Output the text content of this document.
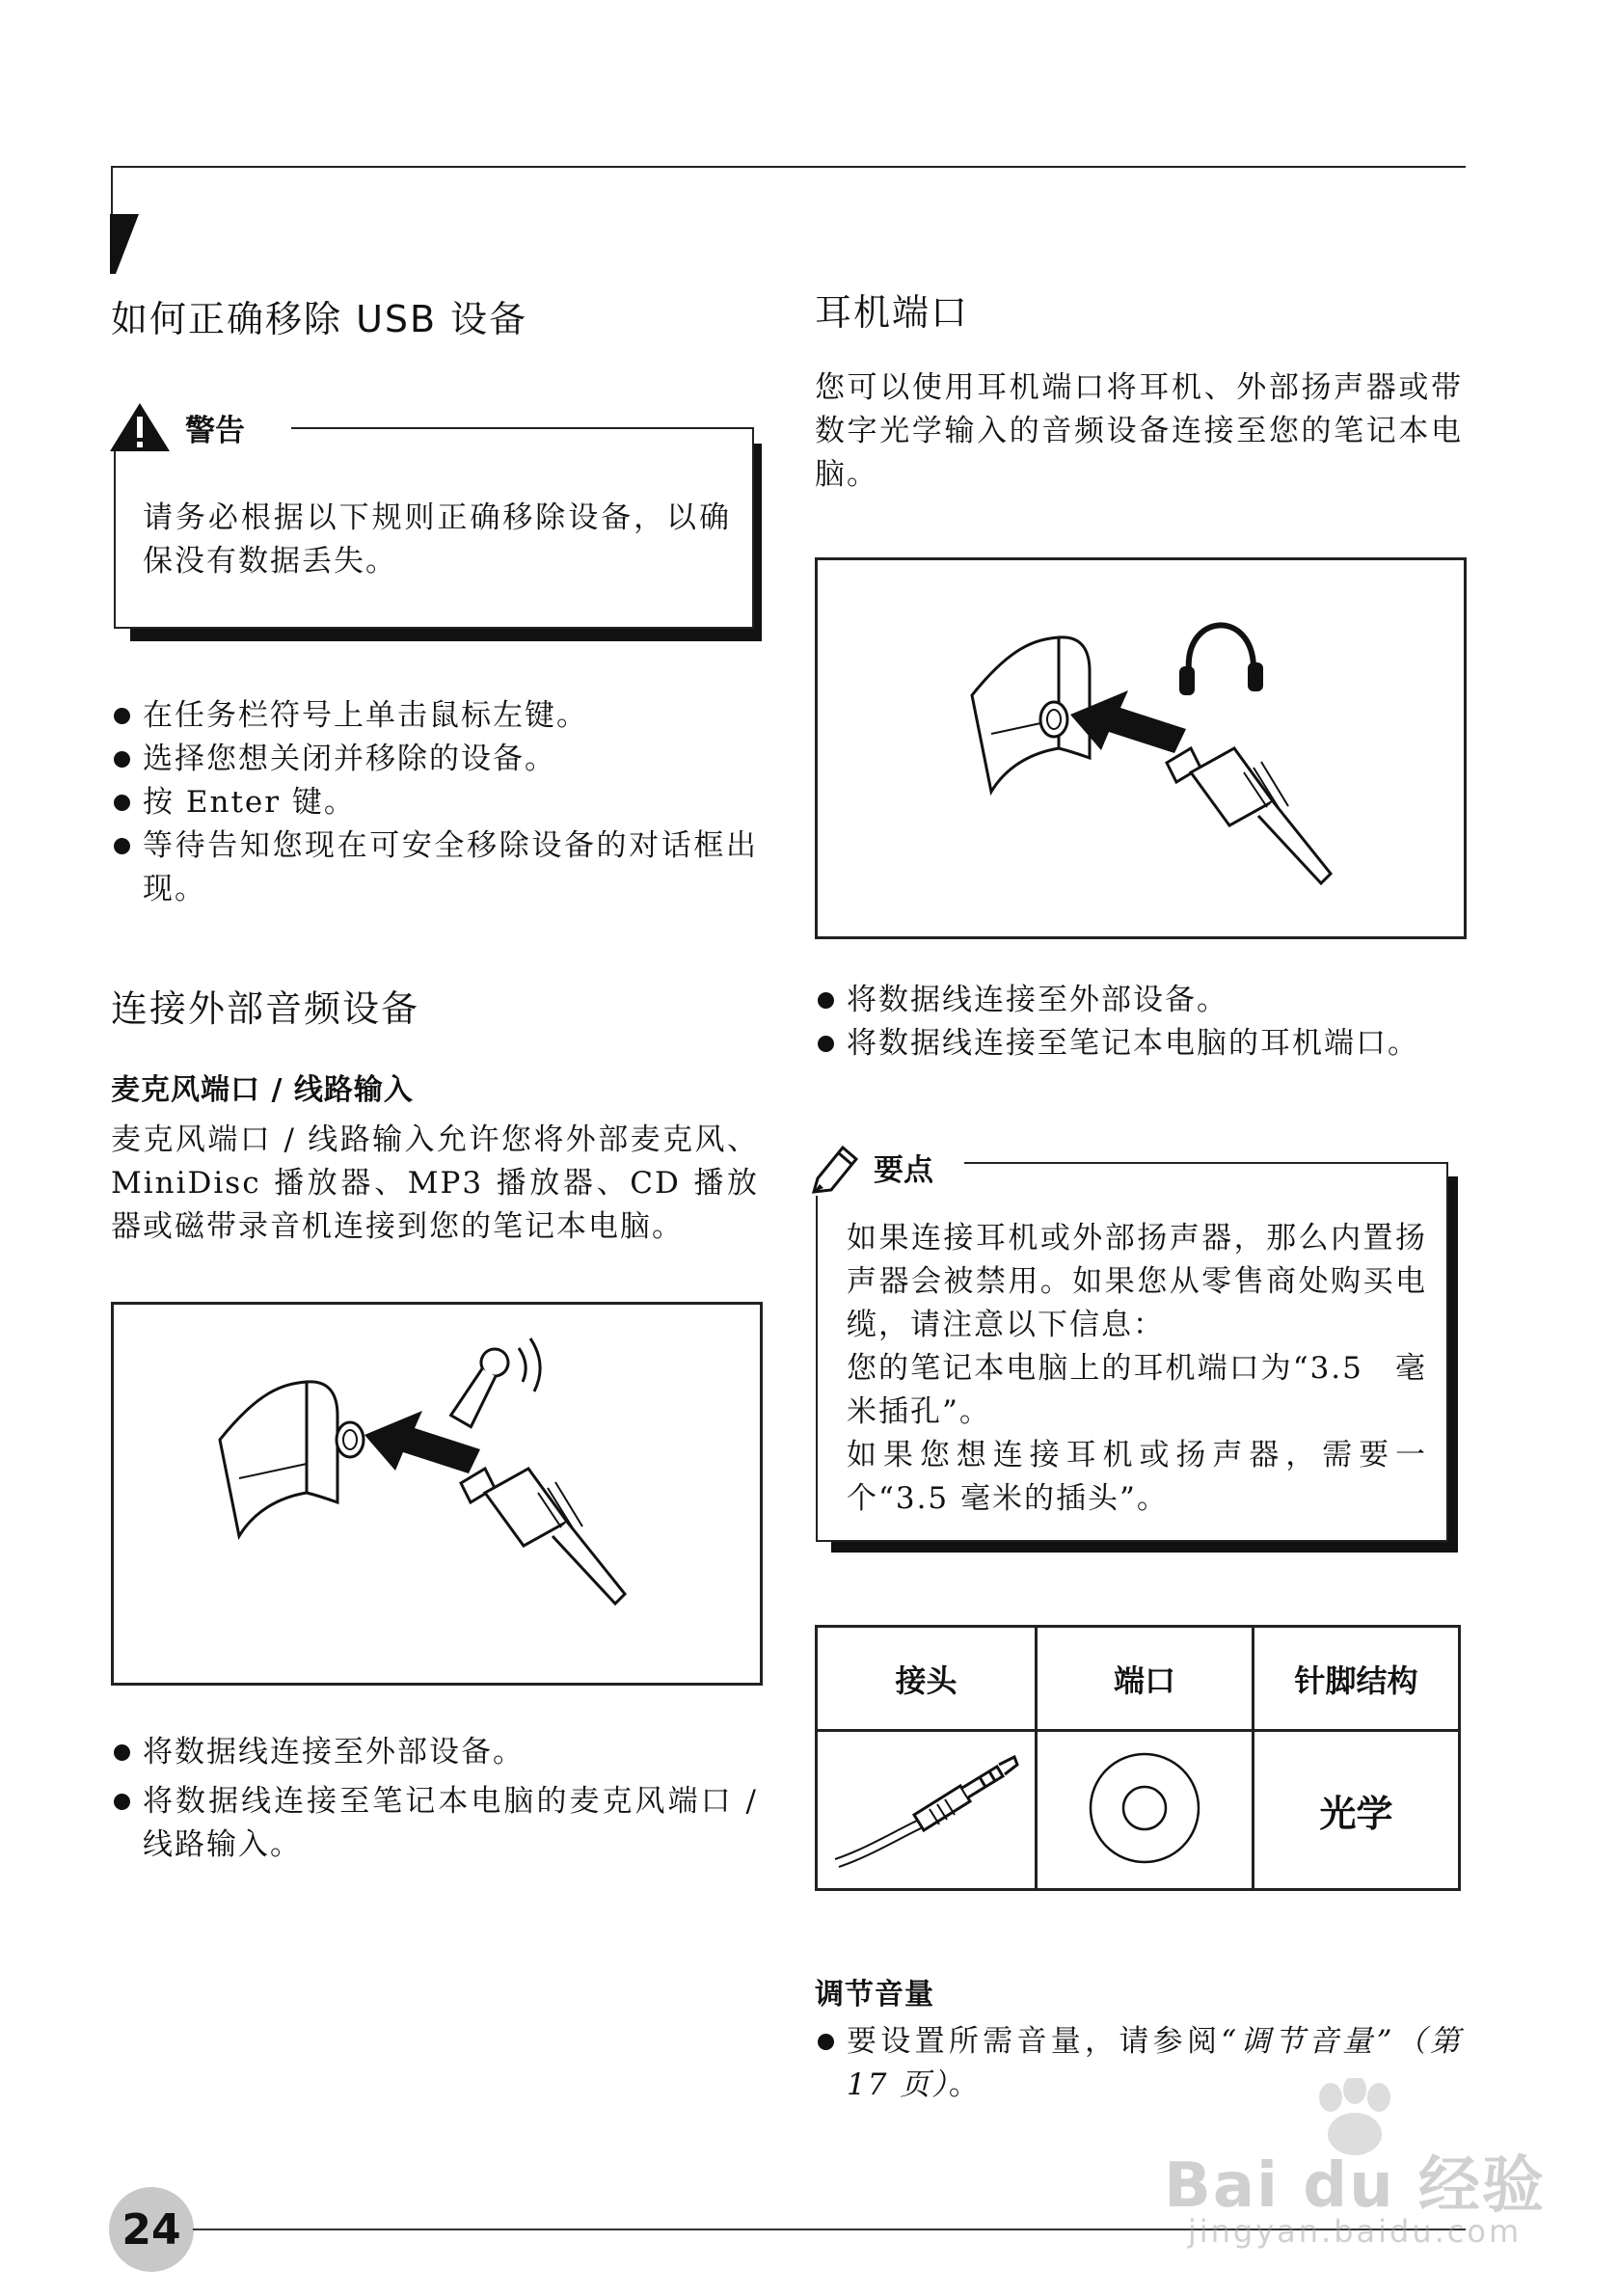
如何正确移除 USB 设备
警告
请务必根据以下规则正确移除设备，以确保没有数据丢失。
在任务栏符号上单击鼠标左键。
选择您想关闭并移除的设备。
按 Enter 键。
等待告知您现在可安全移除设备的对话框出现。
连接外部音频设备
麦克风端口 / 线路输入
麦克风端口 / 线路输入允许您将外部麦克风、MiniDisc 播放器、MP3 播放器、CD 播放器或磁带录音机连接到您的笔记本电脑。
将数据线连接至外部设备。
将数据线连接至笔记本电脑的麦克风端口 / 线路输入。
耳机端口
您可以使用耳机端口将耳机、外部扬声器或带数字光学输入的音频设备连接至您的笔记本电脑。
将数据线连接至外部设备。
将数据线连接至笔记本电脑的耳机端口。
要点
如果连接耳机或外部扬声器，那么内置扬声器会被禁用。如果您从零售商处购买电缆，请注意以下信息：
您的笔记本电脑上的耳机端口为“3.5　毫米插孔”。
如果您想连接耳机或扬声器，需要一个“3.5 毫米的插头”。
接头	端口	针脚结构
		光学
调节音量
要设置所需音量，请参阅“调节音量”（第 17 页）。
24
Bai du 经验
jingyan.baidu.com
